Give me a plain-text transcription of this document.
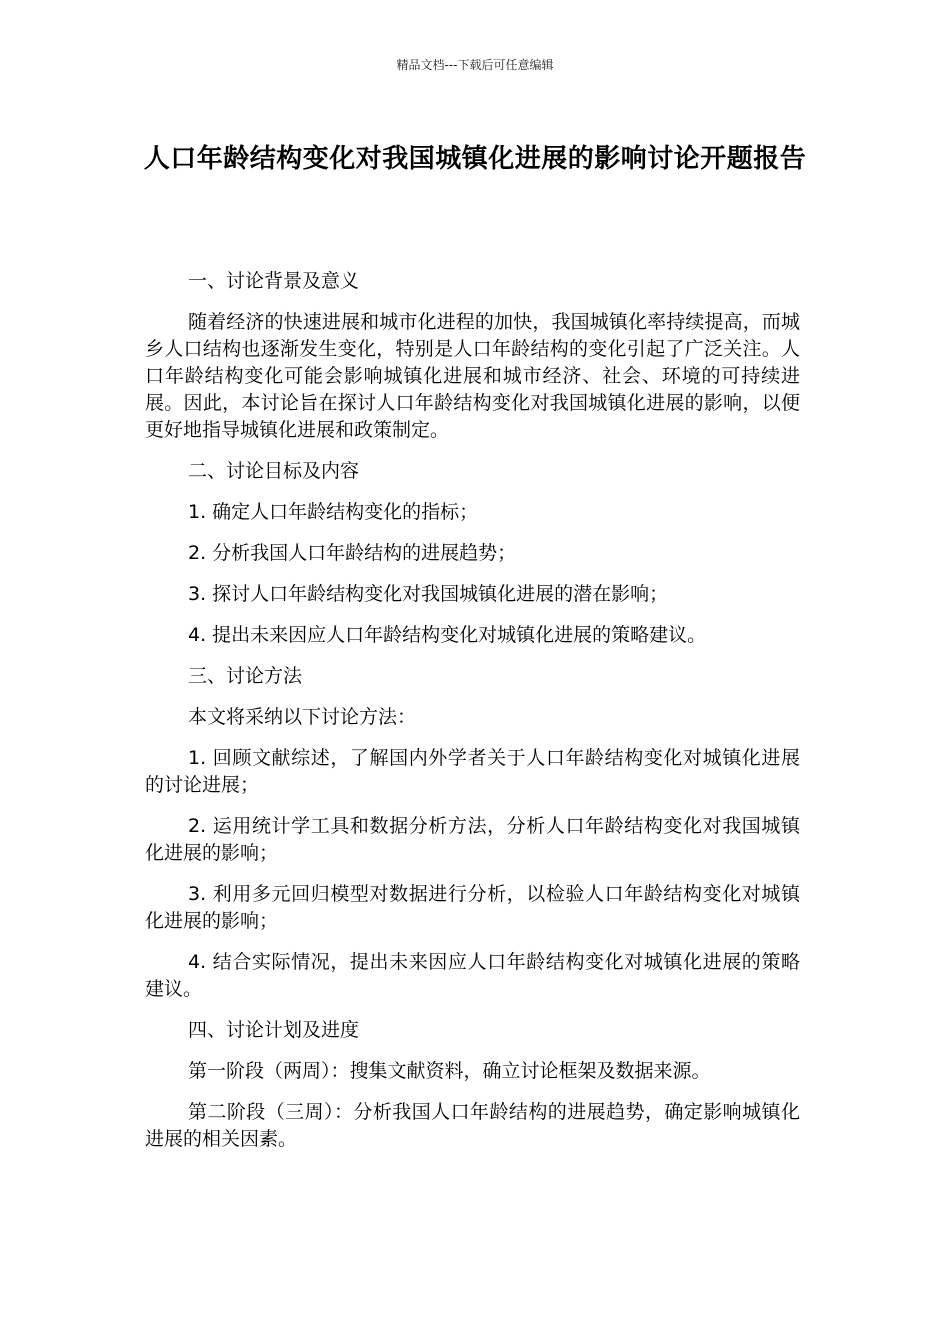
精品文档---下载后可任意编辑
人口年龄结构变化对我国城镇化进展的影响讨论开题报告

一、讨论背景及意义

随着经济的快速进展和城市化进程的加快，我国城镇化率持续提高，而城乡人口结构也逐渐发生变化，特别是人口年龄结构的变化引起了广泛关注。人口年龄结构变化可能会影响城镇化进展和城市经济、社会、环境的可持续进展。因此，本讨论旨在探讨人口年龄结构变化对我国城镇化进展的影响，以便更好地指导城镇化进展和政策制定。

二、讨论目标及内容

1. 确定人口年龄结构变化的指标；

2. 分析我国人口年龄结构的进展趋势；

3. 探讨人口年龄结构变化对我国城镇化进展的潜在影响；

4. 提出未来因应人口年龄结构变化对城镇化进展的策略建议。

三、讨论方法

本文将采纳以下讨论方法：

1. 回顾文献综述，了解国内外学者关于人口年龄结构变化对城镇化进展的讨论进展；

2. 运用统计学工具和数据分析方法，分析人口年龄结构变化对我国城镇化进展的影响；

3. 利用多元回归模型对数据进行分析，以检验人口年龄结构变化对城镇化进展的影响；

4. 结合实际情况，提出未来因应人口年龄结构变化对城镇化进展的策略建议。

四、讨论计划及进度

第一阶段（两周）：搜集文献资料，确立讨论框架及数据来源。

第二阶段（三周）：分析我国人口年龄结构的进展趋势，确定影响城镇化进展的相关因素。
